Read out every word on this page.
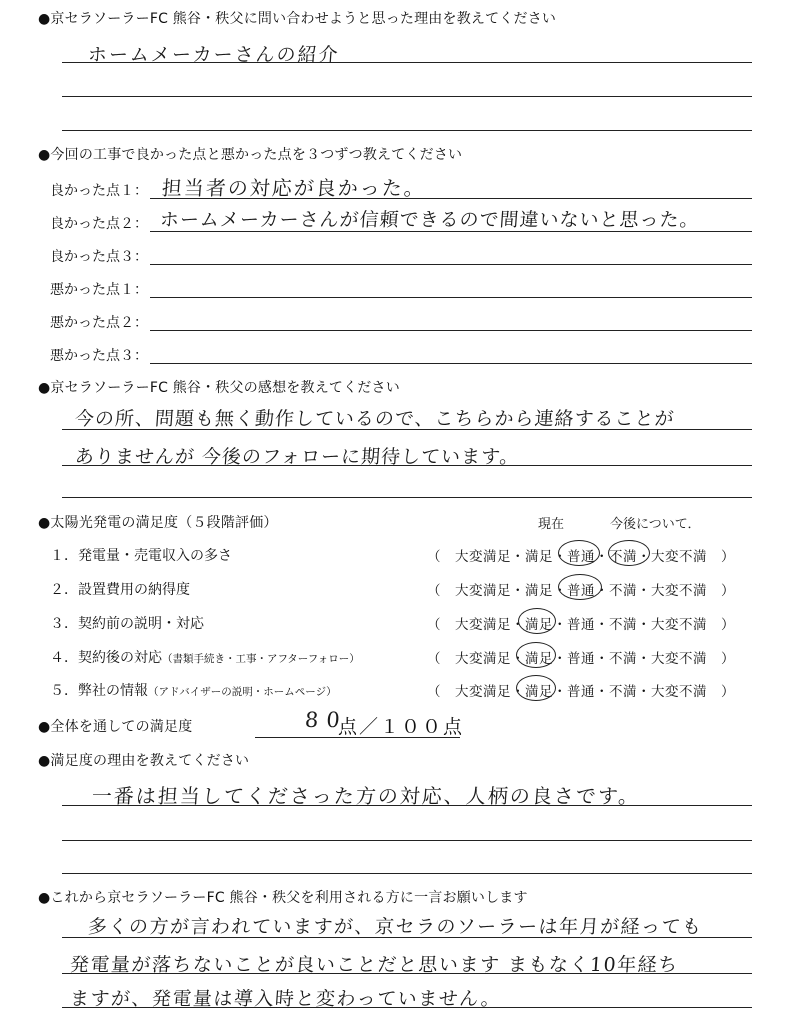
●京セラソーラーFC 熊谷・秩父に問い合わせようと思った理由を教えてください
ホームメーカーさんの紹介
●今回の工事で良かった点と悪かった点を３つずつ教えてください
良かった点１： 担当者の対応が良かった。
良かった点２： ホームメーカーさんが信頼できるので間違いないと思った。
良かった点３：
悪かった点１：
悪かった点２：
悪かった点３：
●京セラソーラーFC 熊谷・秩父の感想を教えてください
今の所、問題も無く動作しているので、こちらから連絡することが
ありませんが 今後のフォローに期待しています。
●太陽光発電の満足度（５段階評価）	現在	今後について．
１．発電量・売電収入の多さ	（　大変満足・満足・普通・不満・大変不満　）
２．設置費用の納得度	（　大変満足・満足・普通・不満・大変不満　）
３．契約前の説明・対応	（　大変満足・満足・普通・不満・大変不満　）
４．契約後の対応（書類手続き・工事・アフターフォロー）	（　大変満足・満足・普通・不満・大変不満　）
５．弊社の情報（アドバイザーの説明・ホームページ）	（　大変満足・満足・普通・不満・大変不満　）
●全体を通しての満足度	80
点／１００点
●満足度の理由を教えてください
一番は担当してくださった方の対応、人柄の良さです。
●これから京セラソーラーFC 熊谷・秩父を利用される方に一言お願いします
多くの方が言われていますが、京セラのソーラーは年月が経っても
発電量が落ちないことが良いことだと思います まもなく10年経ち
ますが、発電量は導入時と変わっていません。
